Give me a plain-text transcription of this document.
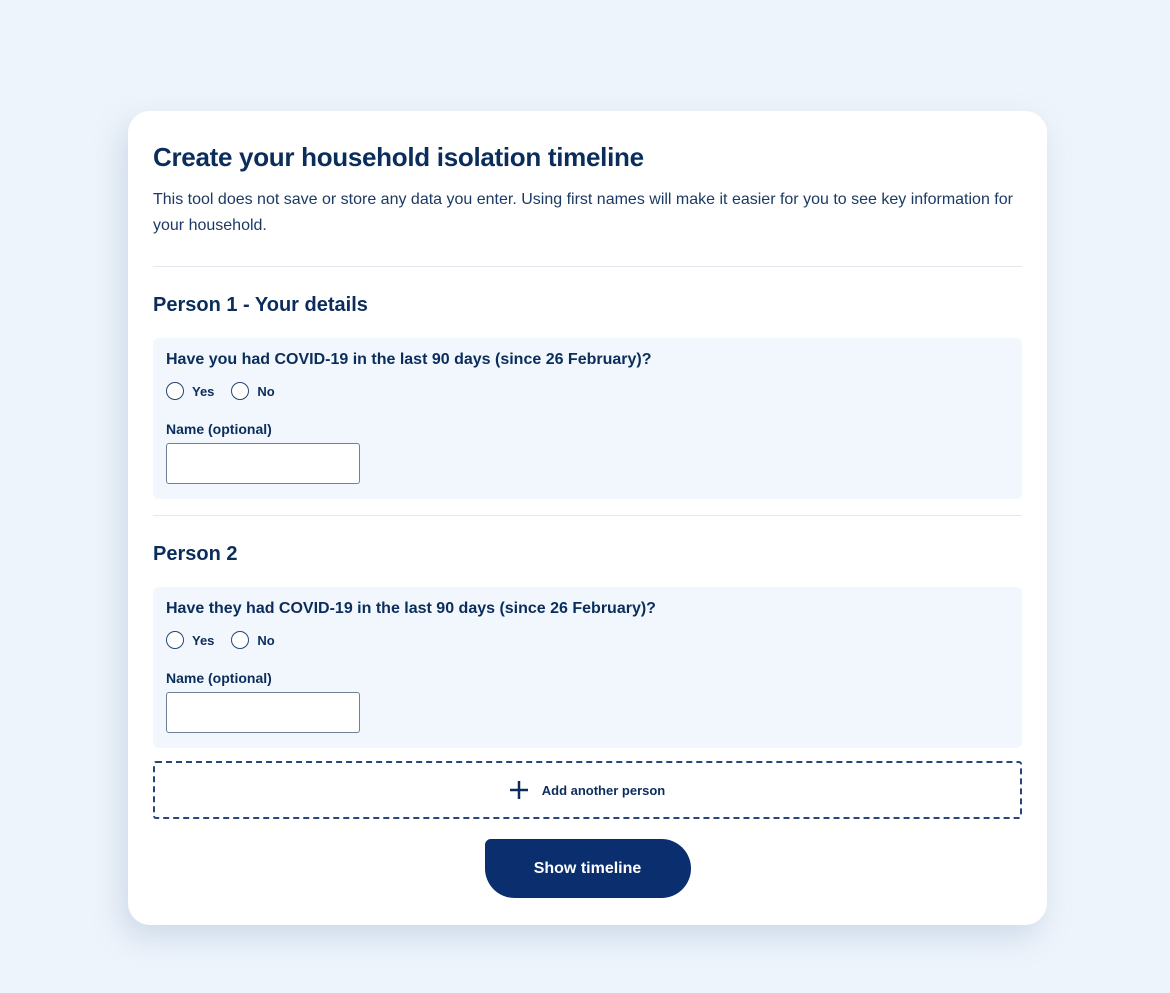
Create your household isolation timeline

This tool does not save or store any data you enter. Using first names will make it easier for you to see key information for your household.

Person 1 - Your details

Have you had COVID-19 in the last 90 days (since 26 February)?

Yes	No
Name (optional)
Person 2

Have they had COVID-19 in the last 90 days (since 26 February)?

Yes	No
Name (optional)
Add another person
Show timeline
